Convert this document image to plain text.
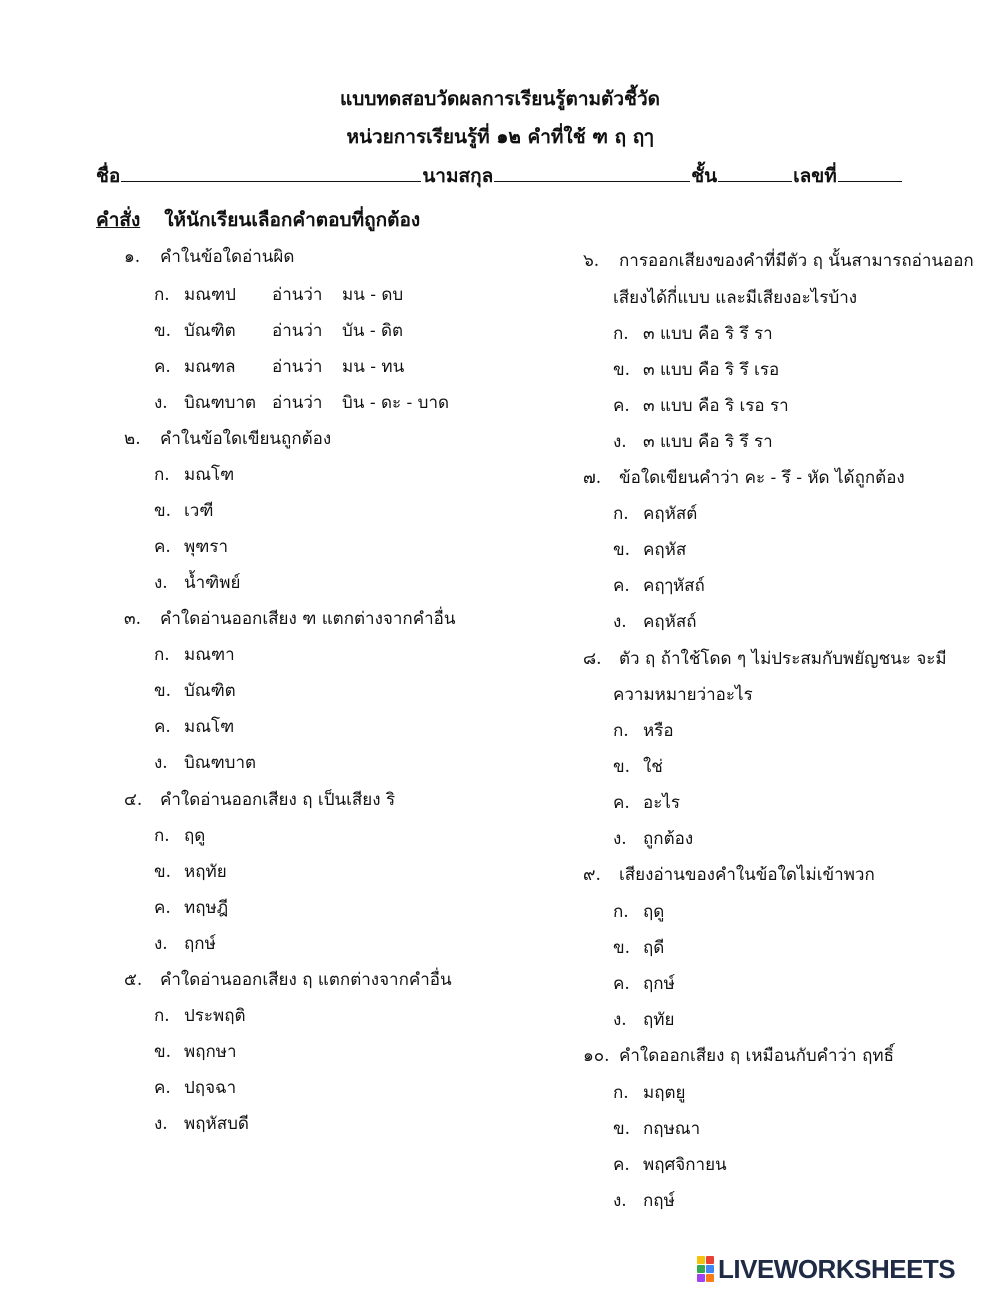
แบบทดสอบวัดผลการเรียนรู้ตามตัวชี้วัด
หน่วยการเรียนรู้ที่ ๑๒ คำที่ใช้ ฑ ฤ ฤๅ
ชื่อ	นามสกุล	ชั้น	เลขที่
คำสั่ง ให้นักเรียนเลือกคำตอบที่ถูกต้อง
๑. คำในข้อใดอ่านผิด
ก. มณฑป อ่านว่า มน - ดบ
ข. บัณฑิต อ่านว่า บัน - ดิต
ค. มณฑล อ่านว่า มน - ทน
ง. บิณฑบาต อ่านว่า บิน - ดะ - บาด
๒. คำในข้อใดเขียนถูกต้อง
ก. มณโฑ
ข. เวฑี
ค. พุฑรา
ง. น้ำฑิพย์
๓. คำใดอ่านออกเสียง ฑ แตกต่างจากคำอื่น
ก. มณฑา
ข. บัณฑิต
ค. มณโฑ
ง. บิณฑบาต
๔. คำใดอ่านออกเสียง ฤ เป็นเสียง ริ
ก. ฤดู
ข. หฤทัย
ค. ทฤษฎี
ง. ฤกษ์
๕. คำใดอ่านออกเสียง ฤ แตกต่างจากคำอื่น
ก. ประพฤติ
ข. พฤกษา
ค. ปฤจฉา
ง. พฤหัสบดี
๖. การออกเสียงของคำที่มีตัว ฤ นั้นสามารถอ่านออก
เสียงได้กี่แบบ และมีเสียงอะไรบ้าง
ก. ๓ แบบ คือ ริ รึ รา
ข. ๓ แบบ คือ ริ รึ เรอ
ค. ๓ แบบ คือ ริ เรอ รา
ง. ๓ แบบ คือ ริ รึ รา
๗. ข้อใดเขียนคำว่า คะ - รึ - หัด ได้ถูกต้อง
ก. คฤหัสต์
ข. คฤหัส
ค. คฤๅหัสถ์
ง. คฤหัสถ์
๘. ตัว ฤ ถ้าใช้โดด ๆ ไม่ประสมกับพยัญชนะ จะมี
ความหมายว่าอะไร
ก. หรือ
ข. ใช่
ค. อะไร
ง. ถูกต้อง
๙. เสียงอ่านของคำในข้อใดไม่เข้าพวก
ก. ฤดู
ข. ฤดี
ค. ฤกษ์
ง. ฤทัย
๑๐. คำใดออกเสียง ฤ เหมือนกับคำว่า ฤทธิ์
ก. มฤตยู
ข. กฤษณา
ค. พฤศจิกายน
ง. กฤษ์
LIVEWORKSHEETS
